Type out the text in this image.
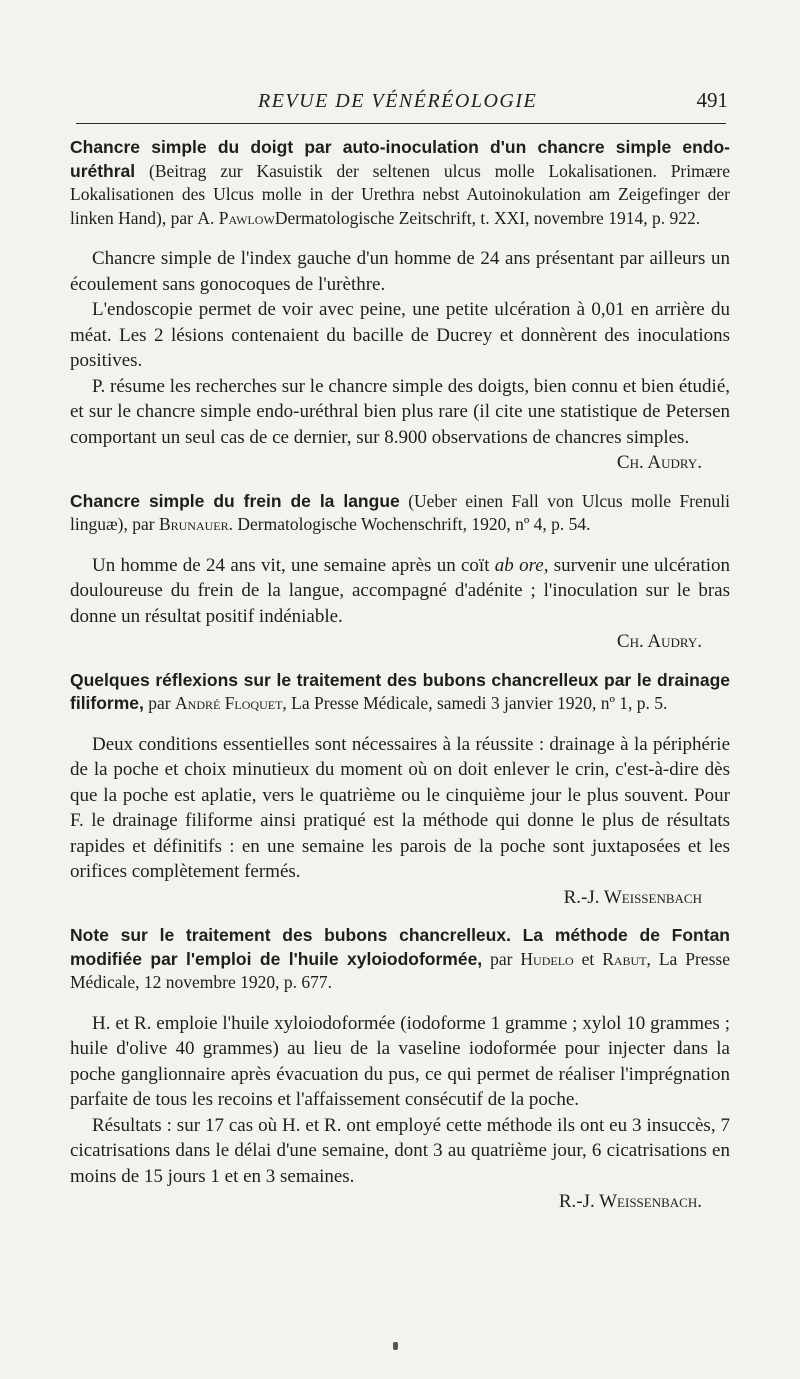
REVUE DE VÉNÉRÉOLOGIE	491

Chancre simple du doigt par auto-inoculation d'un chancre simple endo-uréthral (Beitrag zur Kasuistik der seltenen ulcus molle Lokalisationen. Primære Lokalisationen des Ulcus molle in der Urethra nebst Autoinokulation am Zeigefinger der linken Hand), par A. PawlowDermatologische Zeitschrift, t. XXI, novembre 1914, p. 922.

Chancre simple de l'index gauche d'un homme de 24 ans présentant par ailleurs un écoulement sans gonocoques de l'urèthre.

L'endoscopie permet de voir avec peine, une petite ulcération à 0,01 en arrière du méat. Les 2 lésions contenaient du bacille de Ducrey et donnèrent des inoculations positives.

P. résume les recherches sur le chancre simple des doigts, bien connu et bien étudié, et sur le chancre simple endo-uréthral bien plus rare (il cite une statistique de Petersen comportant un seul cas de ce dernier, sur 8.900 observations de chancres simples.

Ch. Audry.

Chancre simple du frein de la langue (Ueber einen Fall von Ulcus molle Frenuli linguæ), par Brunauer. Dermatologische Wochenschrift, 1920, nº 4, p. 54.

Un homme de 24 ans vit, une semaine après un coït ab ore, survenir une ulcération douloureuse du frein de la langue, accompagné d'adénite ; l'inoculation sur le bras donne un résultat positif indéniable.

Ch. Audry.

Quelques réflexions sur le traitement des bubons chancrelleux par le drainage filiforme, par André Floquet, La Presse Médicale, samedi 3 janvier 1920, nº 1, p. 5.

Deux conditions essentielles sont nécessaires à la réussite : drainage à la périphérie de la poche et choix minutieux du moment où on doit enlever le crin, c'est-à-dire dès que la poche est aplatie, vers le quatrième ou le cinquième jour le plus souvent. Pour F. le drainage filiforme ainsi pratiqué est la méthode qui donne le plus de résultats rapides et définitifs : en une semaine les parois de la poche sont juxtaposées et les orifices complètement fermés.

R.-J. Weissenbach

Note sur le traitement des bubons chancrelleux. La méthode de Fontan modifiée par l'emploi de l'huile xyloiodoformée, par Hudelo et Rabut, La Presse Médicale, 12 novembre 1920, p. 677.

H. et R. emploie l'huile xyloiodoformée (iodoforme 1 gramme ; xylol 10 grammes ; huile d'olive 40 grammes) au lieu de la vaseline iodoformée pour injecter dans la poche ganglionnaire après évacuation du pus, ce qui permet de réaliser l'imprégnation parfaite de tous les recoins et l'affaissement consécutif de la poche.

Résultats : sur 17 cas où H. et R. ont employé cette méthode ils ont eu 3 insuccès, 7 cicatrisations dans le délai d'une semaine, dont 3 au quatrième jour, 6 cicatrisations en moins de 15 jours 1 et en 3 semaines.

R.-J. Weissenbach.
